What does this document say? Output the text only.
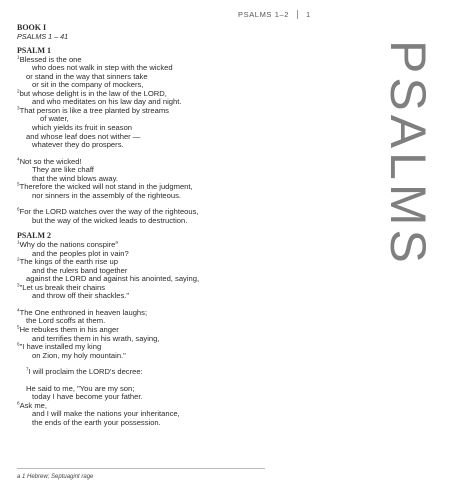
PSALMS 1–2 1
PSALMS
BOOK I
PSALMS 1 – 41
PSALM 1
$^1$Blessed is the one
who does not walk in step with the wicked
or stand in the way that sinners take
or sit in the company of mockers,
$^2$but whose delight is in the law of the LORD,
and who meditates on his law day and night.
$^3$That person is like a tree planted by streams
of water,
which yields its fruit in season
and whose leaf does not wither —
whatever they do prospers.
$^4$Not so the wicked!
They are like chaff
that the wind blows away.
$^5$Therefore the wicked will not stand in the judgment,
nor sinners in the assembly of the righteous.
$^6$For the LORD watches over the way of the righteous,
but the way of the wicked leads to destruction.
PSALM 2
$^1$Why do the nations conspire$^a$
and the peoples plot in vain?
$^2$The kings of the earth rise up
and the rulers band together
against the LORD and against his anointed, saying,
$^3$"Let us break their chains
and throw off their shackles."
$^4$The One enthroned in heaven laughs;
the Lord scoffs at them.
$^5$He rebukes them in his anger
and terrifies them in his wrath, saying,
$^6$"I have installed my king
on Zion, my holy mountain."
$^7$I will proclaim the LORD's decree:
He said to me, "You are my son;
today I have become your father.
$^8$Ask me,
and I will make the nations your inheritance,
the ends of the earth your possession.
a 1 Hebrew; Septuagint rage
